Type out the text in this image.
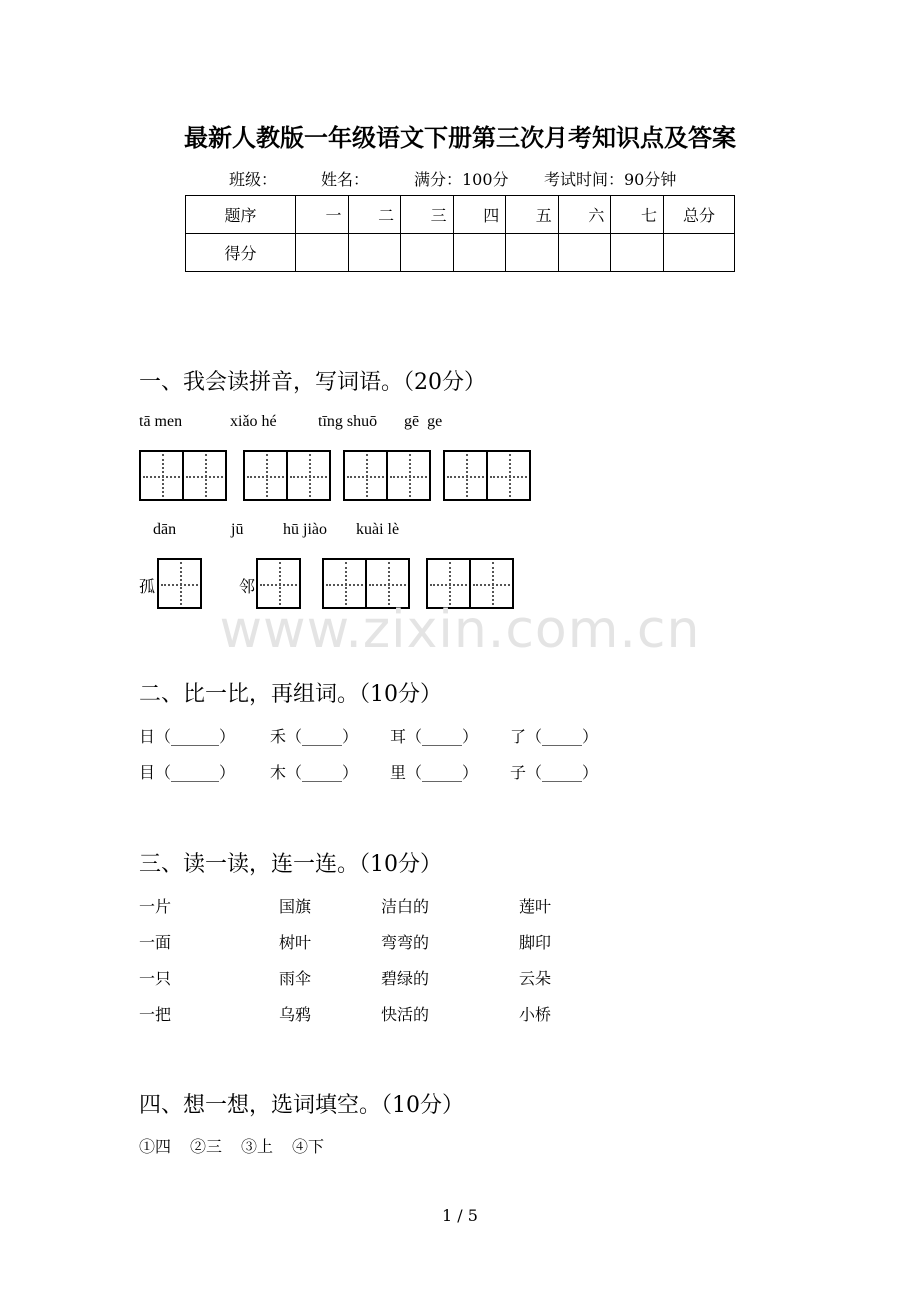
最新人教版一年级语文下册第三次月考知识点及答案
班级：	姓名：	满分：100分 考试时间：90分钟
题序	一	二	三	四	五	六	七	总分
得分								
一、我会读拼音，写词语。（20分）
tā men	xiǎo hé	tīng shuō gē  ge
dān	jū hū jiào kuài lè
孤	邻
www.zixin.com.cn
二、比一比，再组词。（10分）
日（______） 禾（_____） 耳（_____） 了（_____）
目（______） 木（_____） 里（_____） 子（_____）
三、读一读，连一连。（10分）
一片	国旗	洁白的	莲叶
一面	树叶	弯弯的	脚印
一只	雨伞	碧绿的	云朵
一把	乌鸦	快活的	小桥
四、想一想，选词填空。（10分）
①四 ②三 ③上 ④下
1 / 5
